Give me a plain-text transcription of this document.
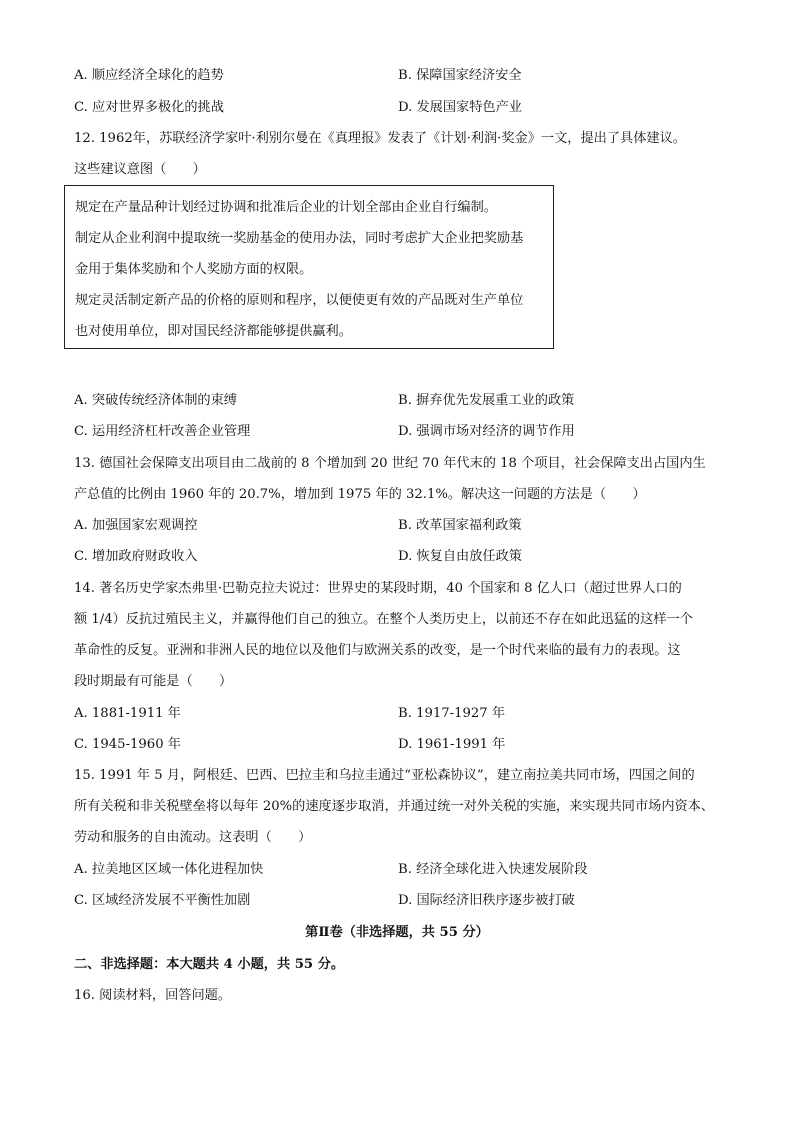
A. 顺应经济全球化的趋势	B. 保障国家经济安全
C. 应对世界多极化的挑战	D. 发展国家特色产业
12. 1962年，苏联经济学家叶·利别尔曼在《真理报》发表了《计划·利润·奖金》一文，提出了具体建议。
这些建议意图（　　）
规定在产量品种计划经过协调和批准后企业的计划全部由企业自行编制。
制定从企业利润中提取统一奖励基金的使用办法，同时考虑扩大企业把奖励基
金用于集体奖励和个人奖励方面的权限。
规定灵活制定新产品的价格的原则和程序，以便使更有效的产品既对生产单位
也对使用单位，即对国民经济都能够提供赢利。
A. 突破传统经济体制的束缚	B. 摒弃优先发展重工业的政策
C. 运用经济杠杆改善企业管理	D. 强调市场对经济的调节作用
13. 德国社会保障支出项目由二战前的 8 个增加到 20 世纪 70 年代末的 18 个项目，社会保障支出占国内生
产总值的比例由 1960 年的 20.7%，增加到 1975 年的 32.1%。解决这一问题的方法是（　　）
A. 加强国家宏观调控	B. 改革国家福利政策
C. 增加政府财政收入	D. 恢复自由放任政策
14. 著名历史学家杰弗里·巴勒克拉夫说过：世界史的某段时期，40 个国家和 8 亿人口（超过世界人口的
额 1/4）反抗过殖民主义，并赢得他们自己的独立。在整个人类历史上，以前还不存在如此迅猛的这样一个
革命性的反复。亚洲和非洲人民的地位以及他们与欧洲关系的改变，是一个时代来临的最有力的表现。这
段时期最有可能是（　　）
A. 1881-1911 年	B. 1917-1927 年
C. 1945-1960 年	D. 1961-1991 年
15. 1991 年 5 月，阿根廷、巴西、巴拉圭和乌拉圭通过“亚松森协议”，建立南拉美共同市场，四国之间的
所有关税和非关税壁垒将以每年 20%的速度逐步取消，并通过统一对外关税的实施，来实现共同市场内资本、
劳动和服务的自由流动。这表明（　　）
A. 拉美地区区域一体化进程加快	B. 经济全球化进入快速发展阶段
C. 区域经济发展不平衡性加剧	D. 国际经济旧秩序逐步被打破
第Ⅱ卷（非选择题，共 55 分）
二、非选择题：本大题共 4 小题，共 55 分。
16. 阅读材料，回答问题。
